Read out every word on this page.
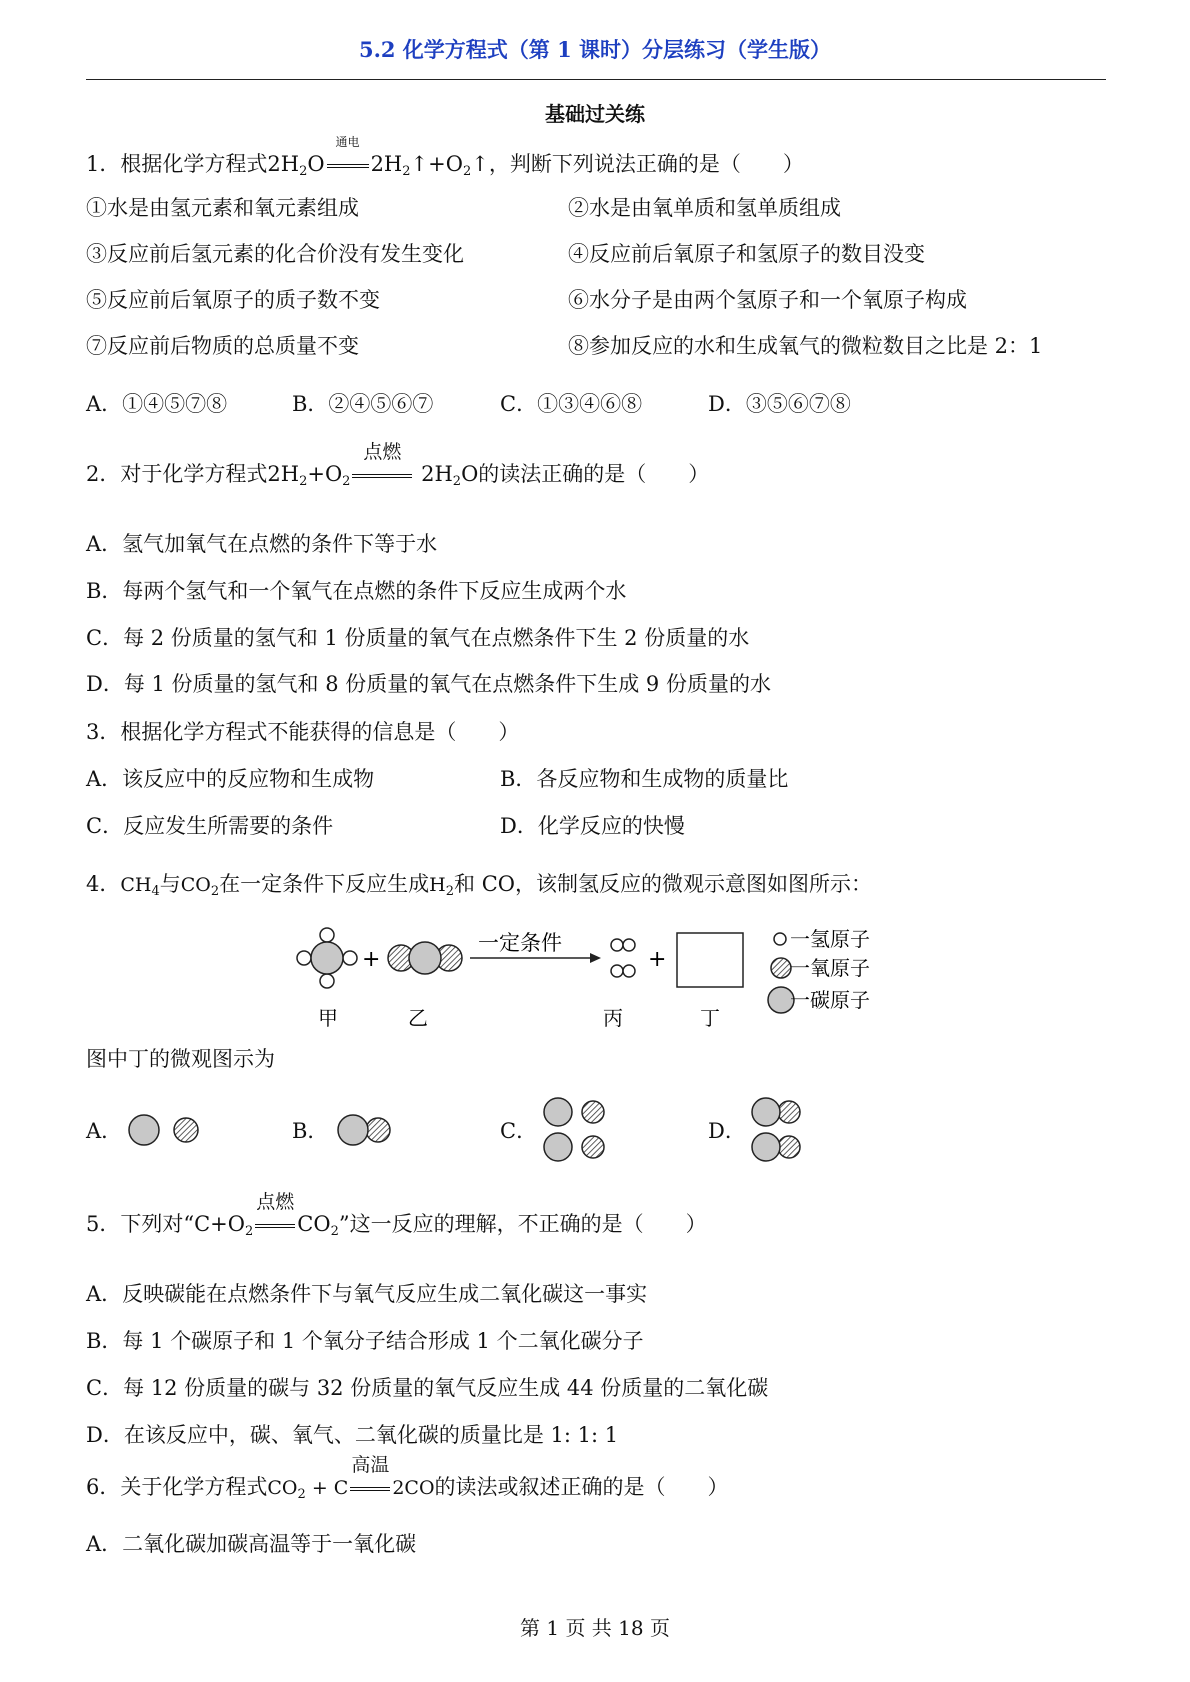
5.2 化学方程式（第 1 课时）分层练习（学生版）
基础过关练
1．根据化学方程式$2H_2O$
通电
$2H_2↑+O_2↑$，判断下列说法正确的是（　　）
①水是由氢元素和氧元素组成	②水是由氧单质和氢单质组成
③反应前后氢元素的化合价没有发生变化	④反应前后氧原子和氢原子的数目没变
⑤反应前后氧原子的质子数不变	⑥水分子是由两个氢原子和一个氧原子构成
⑦反应前后物质的总质量不变	⑧参加反应的水和生成氧气的微粒数目之比是 2：1
A．①④⑤⑦⑧	B．②④⑤⑥⑦	C．①③④⑥⑧	D．③⑤⑥⑦⑧
2．对于化学方程式$2H_2+O_2$
点燃
$2H_2O$的读法正确的是（　　）
A．氢气加氧气在点燃的条件下等于水
B．每两个氢气和一个氧气在点燃的条件下反应生成两个水
C．每 2 份质量的氢气和 1 份质量的氧气在点燃条件下生 2 份质量的水
D．每 1 份质量的氢气和 8 份质量的氧气在点燃条件下生成 9 份质量的水
3．根据化学方程式不能获得的信息是（　　）
A．该反应中的反应物和生成物	B．各反应物和生成物的质量比
C．反应发生所需要的条件	D．化学反应的快慢
4．$CH_4$与$CO_2$在一定条件下反应生成$H_2$和 CO，该制氢反应的微观示意图如图所示：
+
一定条件
+
甲	乙	丙	丁
一氢原子
一氧原子
一碳原子
图中丁的微观图示为
A．	B．	C．	D．
5．下列对“$C+O_2$
点燃
$CO_2$”这一反应的理解，不正确的是（　　）
A．反映碳能在点燃条件下与氧气反应生成二氧化碳这一事实
B．每 1 个碳原子和 1 个氧分子结合形成 1 个二氧化碳分子
C．每 12 份质量的碳与 32 份质量的氧气反应生成 44 份质量的二氧化碳
D．在该反应中，碳、氧气、二氧化碳的质量比是 1: 1: 1
6．关于化学方程式$CO_2 + C$
高温
2CO的读法或叙述正确的是（　　）
A．二氧化碳加碳高温等于一氧化碳
第 1 页 共 18 页
